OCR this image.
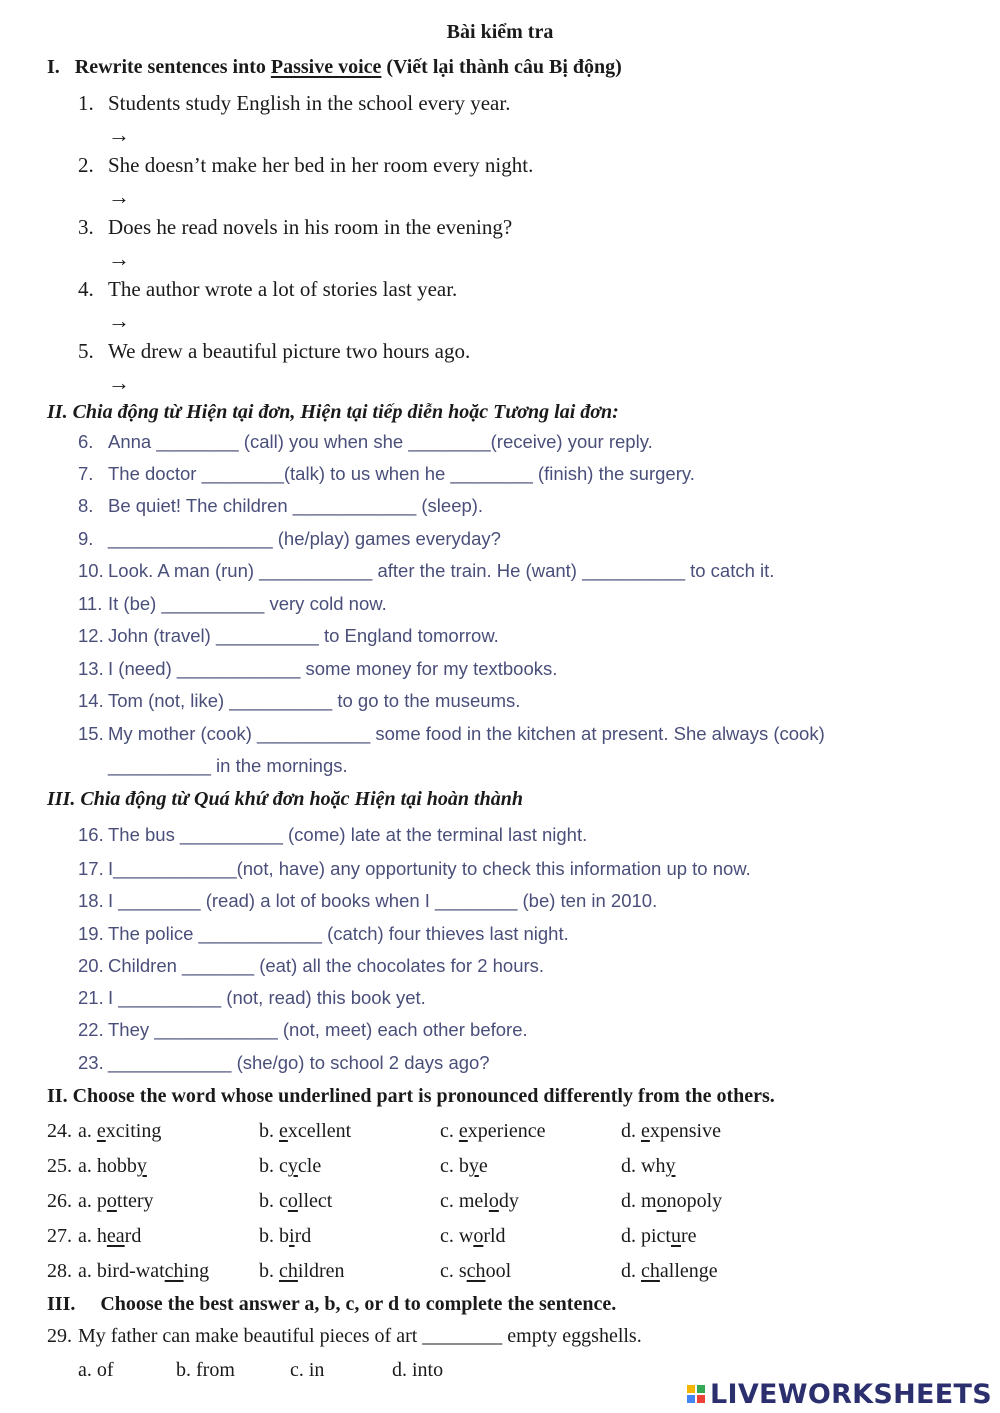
Bài kiểm tra
I. Rewrite sentences into Passive voice (Viết lại thành câu Bị động)
1. Students study English in the school every year.
→
2. She doesn’t make her bed in her room every night.
→
3. Does he read novels in his room in the evening?
→
4. The author wrote a lot of stories last year.
→
5. We drew a beautiful picture two hours ago.
→
II. Chia động từ Hiện tại đơn, Hiện tại tiếp diễn hoặc Tương lai đơn:
6. Anna ________ (call) you when she ________(receive) your reply.
7. The doctor ________(talk) to us when he ________ (finish) the surgery.
8. Be quiet! The children ____________ (sleep).
9. ________________ (he/play) games everyday?
10. Look. A man (run) ___________ after the train. He (want) __________ to catch it.
11. It (be) __________ very cold now.
12. John (travel) __________ to England tomorrow.
13. I (need) ____________ some money for my textbooks.
14. Tom (not, like) __________ to go to the museums.
15. My mother (cook) ___________ some food in the kitchen at present. She always (cook)
__________ in the mornings.
III. Chia động từ Quá khứ đơn hoặc Hiện tại hoàn thành
16. The bus __________ (come) late at the terminal last night.
17. I____________(not, have) any opportunity to check this information up to now.
18. I ________ (read) a lot of books when I ________ (be) ten in 2010.
19. The police ____________ (catch) four thieves last night.
20. Children _______ (eat) all the chocolates for 2 hours.
21. I __________ (not, read) this book yet.
22. They ____________ (not, meet) each other before.
23. ____________ (she/go) to school 2 days ago?
II. Choose the word whose underlined part is pronounced differently from the others.
24. a. exciting	b. excellent	c. experience	d. expensive
25. a. hobby	b. cycle	c. bye	d. why
26. a. pottery	b. collect	c. melody	d. monopoly
27. a. heard	b. bird	c. world	d. picture
28. a. bird-watching b. children	c. school	d. challenge
III. Choose the best answer a, b, c, or d to complete the sentence.
29. My father can make beautiful pieces of art ________ empty eggshells.
a. of	b. from	c. in	d. into
LIVEWORKSHEETS
